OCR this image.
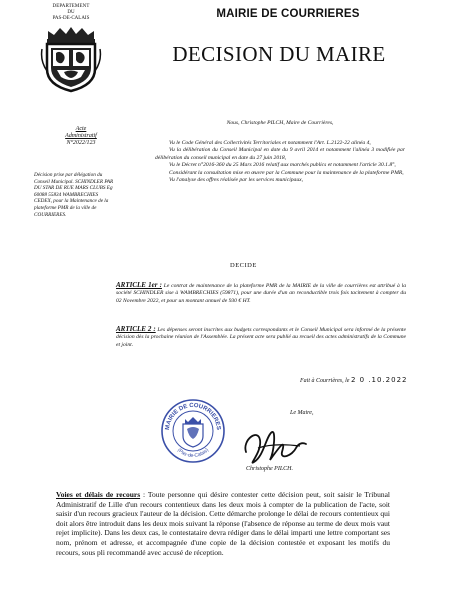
DEPARTEMENT
DU
PAS-DE-CALAIS	MAIRIE DE COURRIERES
DECISION DU MAIRE
Acte
Administratif
N°2022/123
Décision prise par délégation du Conseil Municipal. SCHINDLER PAR DU STAR DE RUE MARS CLUBS Eg 60088 55834 WAMBRECHIES CEDEX, pour la Maintenance de la plateforme PMR de la ville de COURRIERES.
Nous, Christophe PILCH, Maire de Courrières,

Vu le Code Général des Collectivités Territoriales et notamment l'Art. L.2122-22 alinéa 4,

Vu la délibération du Conseil Municipal en date du 9 avril 2014 et notamment l'alinéa 3 modifiée par délibération du conseil municipal en date du 27 juin 2018,

Vu le Décret n°2016-360 du 25 Mars 2016 relatif aux marchés publics et notamment l'article 30.1.8°,

Considérant la consultation mise en œuvre par la Commune pour la maintenance de la plateforme PMR,

Vu l'analyse des offres réalisée par les services municipaux,

DECIDE
ARTICLE 1er : Le contrat de maintenance de la plateforme PMR de la MAIRIE de la ville de courrières est attribué à la société SCHINDLER sise à WAMBRECHIES (59871), pour une durée d'un an reconductible trois fois tacitement à compter du 02 Novembre 2022, et pour un montant annuel de 930 € HT.
ARTICLE 2 : Les dépenses seront inscrites aux budgets correspondants et le Conseil Municipal sera informé de la présente décision dès la prochaine réunion de l'Assemblée. La présent acte sera publié au recueil des actes administratifs de la Commune et joint.
Fait à Courrières, le 2 0 .10.2022
Le Maire,
MAIRIE DE COURRIERES
(Pas-de-Calais)
Christophe PILCH.
Voies et délais de recours : Toute personne qui désire contester cette décision peut, soit saisir le Tribunal Administratif de Lille d'un recours contentieux dans les deux mois à compter de la publication de l'acte, soit saisir d'un recours gracieux l'auteur de la décision. Cette démarche prolonge le délai de recours contentieux qui doit alors être introduit dans les deux mois suivant la réponse (l'absence de réponse au terme de deux mois vaut rejet implicite). Dans les deux cas, le contestataire devra rédiger dans le délai imparti une lettre comportant ses nom, prénom et adresse, et accompagnée d'une copie de la décision contestée et exposant les motifs du recours, sous pli recommandé avec accusé de réception.
